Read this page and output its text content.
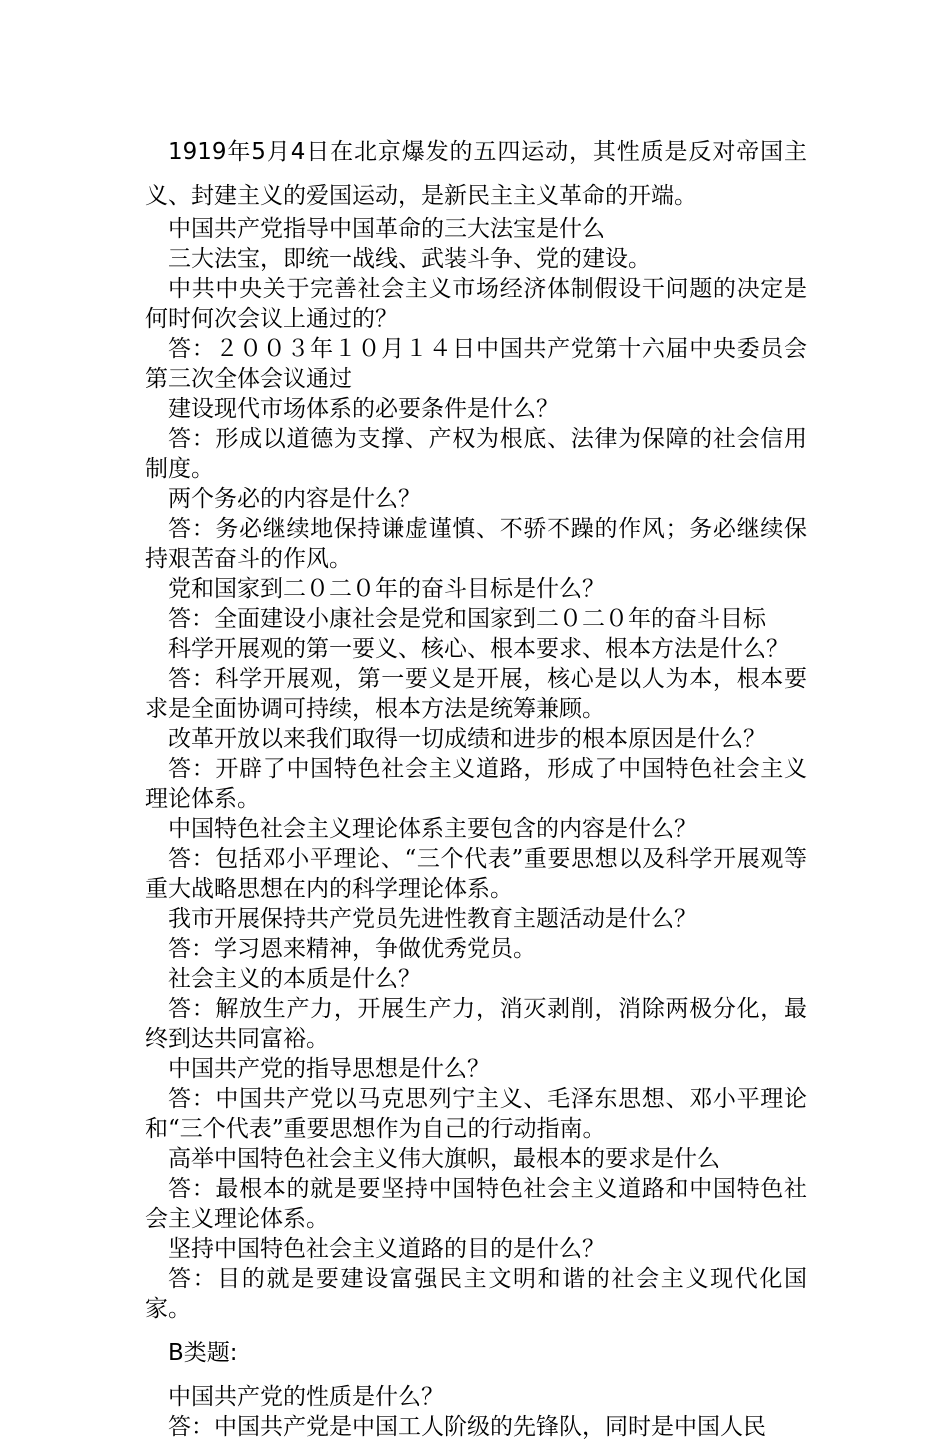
1919年5月4日在北京爆发的五四运动，其性质是反对帝国主义、封建主义的爱国运动，是新民主主义革命的开端。

中国共产党指导中国革命的三大法宝是什么

三大法宝，即统一战线、武装斗争、党的建设。

中共中央关于完善社会主义市场经济体制假设干问题的决定是何时何次会议上通过的？

答：２００３年１０月１４日中国共产党第十六届中央委员会第三次全体会议通过

建设现代市场体系的必要条件是什么？

答：形成以道德为支撑、产权为根底、法律为保障的社会信用制度。

两个务必的内容是什么？

答：务必继续地保持谦虚谨慎、不骄不躁的作风；务必继续保持艰苦奋斗的作风。

党和国家到二０二０年的奋斗目标是什么？

答：全面建设小康社会是党和国家到二０二０年的奋斗目标

科学开展观的第一要义、核心、根本要求、根本方法是什么？

答：科学开展观，第一要义是开展，核心是以人为本，根本要求是全面协调可持续，根本方法是统筹兼顾。

改革开放以来我们取得一切成绩和进步的根本原因是什么？

答：开辟了中国特色社会主义道路，形成了中国特色社会主义理论体系。

中国特色社会主义理论体系主要包含的内容是什么？

答：包括邓小平理论、“三个代表”重要思想以及科学开展观等重大战略思想在内的科学理论体系。

我市开展保持共产党员先进性教育主题活动是什么？

答：学习恩来精神，争做优秀党员。

社会主义的本质是什么？

答：解放生产力，开展生产力，消灭剥削，消除两极分化，最终到达共同富裕。

中国共产党的指导思想是什么？

答：中国共产党以马克思列宁主义、毛泽东思想、邓小平理论和“三个代表”重要思想作为自己的行动指南。

高举中国特色社会主义伟大旗帜，最根本的要求是什么

答：最根本的就是要坚持中国特色社会主义道路和中国特色社会主义理论体系。

坚持中国特色社会主义道路的目的是什么？

答：目的就是要建设富强民主文明和谐的社会主义现代化国家。

B类题:

中国共产党的性质是什么？

答：中国共产党是中国工人阶级的先锋队，同时是中国人民
